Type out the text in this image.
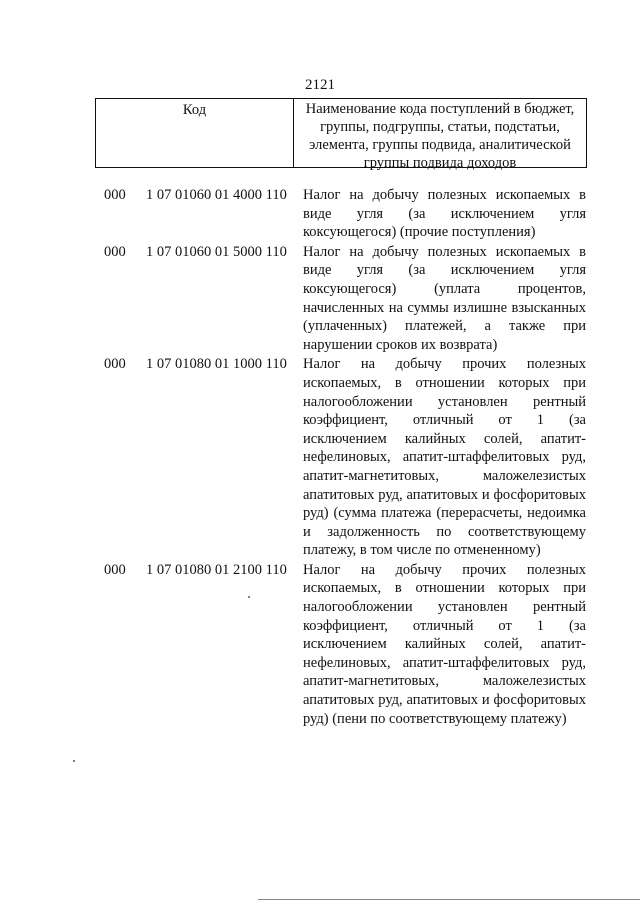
2121
Код	Наименование кода поступлений в бюджет, группы, подгруппы, статьи, подстатьи, элемента, группы подвида, аналитической группы подвида доходов
000 1 07 01060 01 4000 110 Налог на добычу полезных ископаемых в виде угля (за исключением угля коксующегося) (прочие поступления)
000 1 07 01060 01 5000 110 Налог на добычу полезных ископаемых в виде угля (за исключением угля коксующегося) (уплата процентов, начисленных на суммы излишне взысканных (уплаченных) платежей, а также при нарушении сроков их возврата)
000 1 07 01080 01 1000 110 Налог на добычу прочих полезных ископаемых, в отношении которых при налогообложении установлен рентный коэффициент, отличный от 1 (за исключением калийных солей, апатит-нефелиновых, апатит-штаффелитовых руд, апатит-магнетитовых, маложелезистых апатитовых руд, апатитовых и фосфоритовых руд) (сумма платежа (перерасчеты, недоимка и задолженность по соответствующему платежу, в том числе по отмененному)
000 1 07 01080 01 2100 110 Налог на добычу прочих полезных ископаемых, в отношении которых при налогообложении установлен рентный коэффициент, отличный от 1 (за исключением калийных солей, апатит-нефелиновых, апатит-штаффелитовых руд, апатит-магнетитовых, маложелезистых апатитовых руд, апатитовых и фосфоритовых руд) (пени по соответствующему платежу)
